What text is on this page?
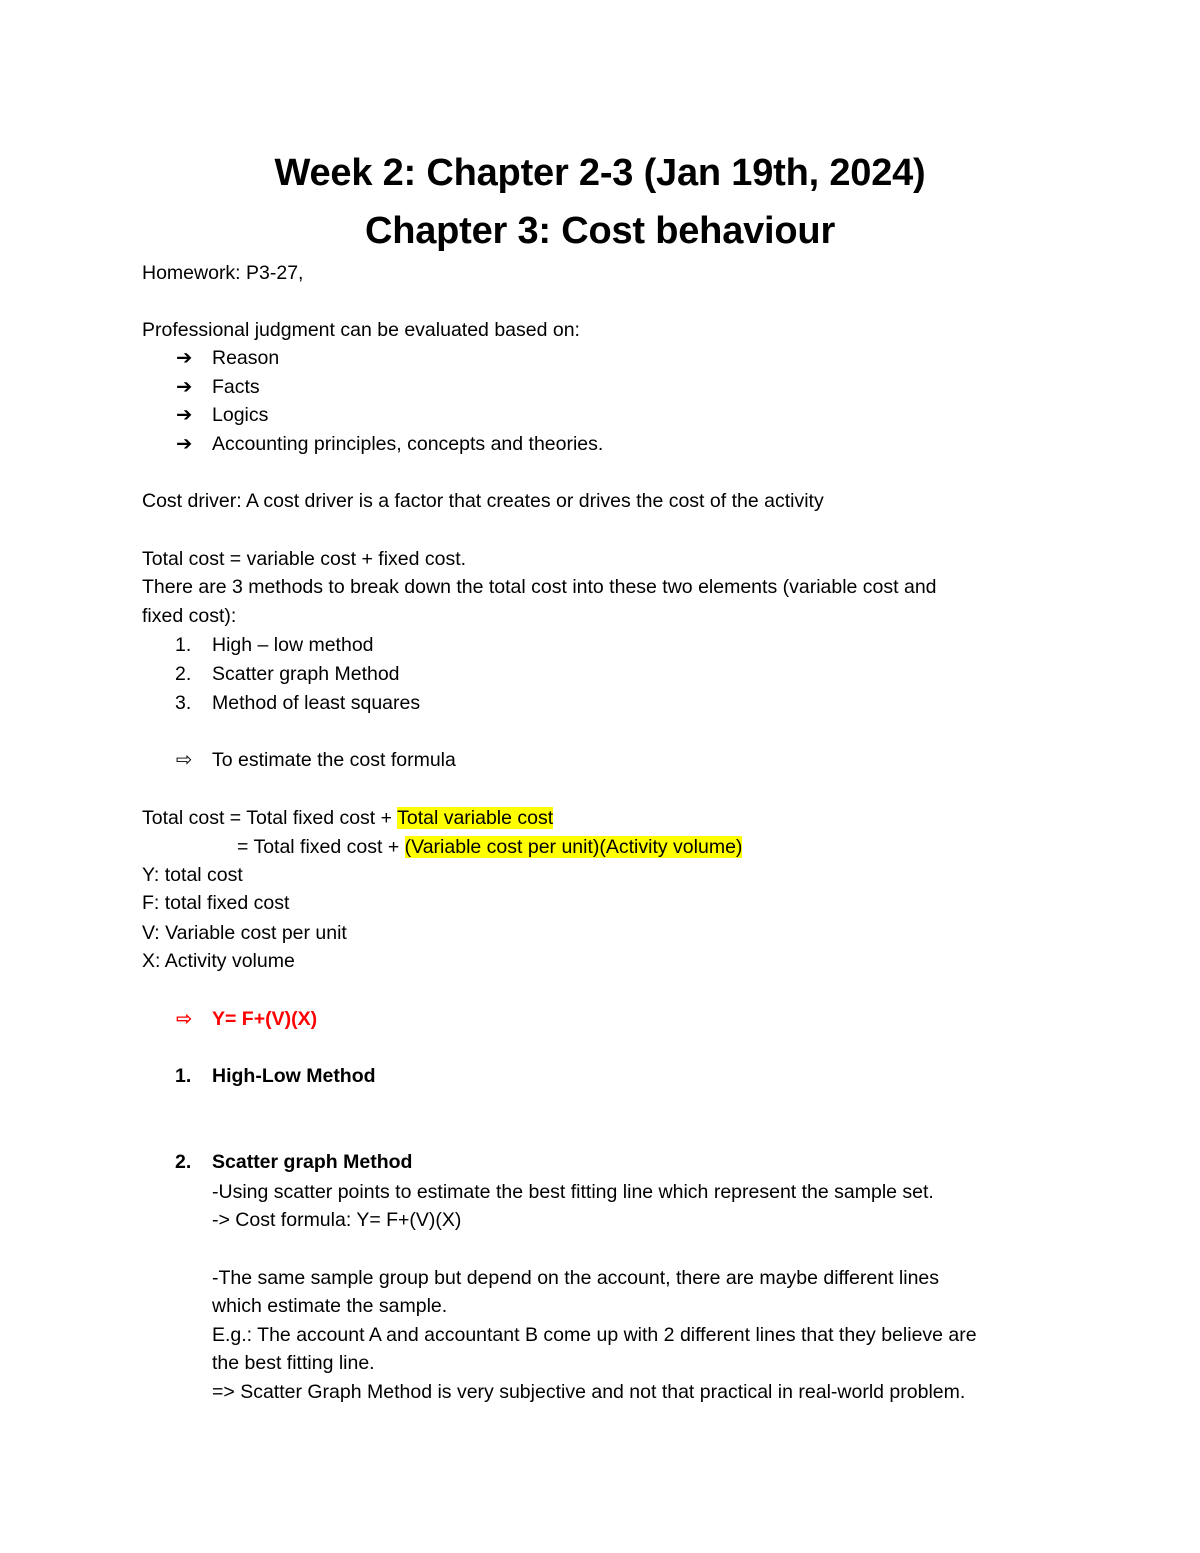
Week 2: Chapter 2-3 (Jan 19th, 2024)
Chapter 3: Cost behaviour
Homework: P3-27,
Professional judgment can be evaluated based on:
➔ Reason
➔ Facts
➔ Logics
➔ Accounting principles, concepts and theories.
Cost driver: A cost driver is a factor that creates or drives the cost of the activity
Total cost = variable cost + fixed cost.
There are 3 methods to break down the total cost into these two elements (variable cost and
fixed cost):
1. High – low method
2. Scatter graph Method
3. Method of least squares
⇨ To estimate the cost formula
Total cost = Total fixed cost + Total variable cost
= Total fixed cost + (Variable cost per unit)(Activity volume)
Y: total cost
F: total fixed cost
V: Variable cost per unit
X: Activity volume
⇨ Y= F+(V)(X)
1. High-Low Method
2. Scatter graph Method
-Using scatter points to estimate the best fitting line which represent the sample set.
-> Cost formula: Y= F+(V)(X)
-The same sample group but depend on the account, there are maybe different lines
which estimate the sample.
E.g.: The account A and accountant B come up with 2 different lines that they believe are
the best fitting line.
=> Scatter Graph Method is very subjective and not that practical in real-world problem.
